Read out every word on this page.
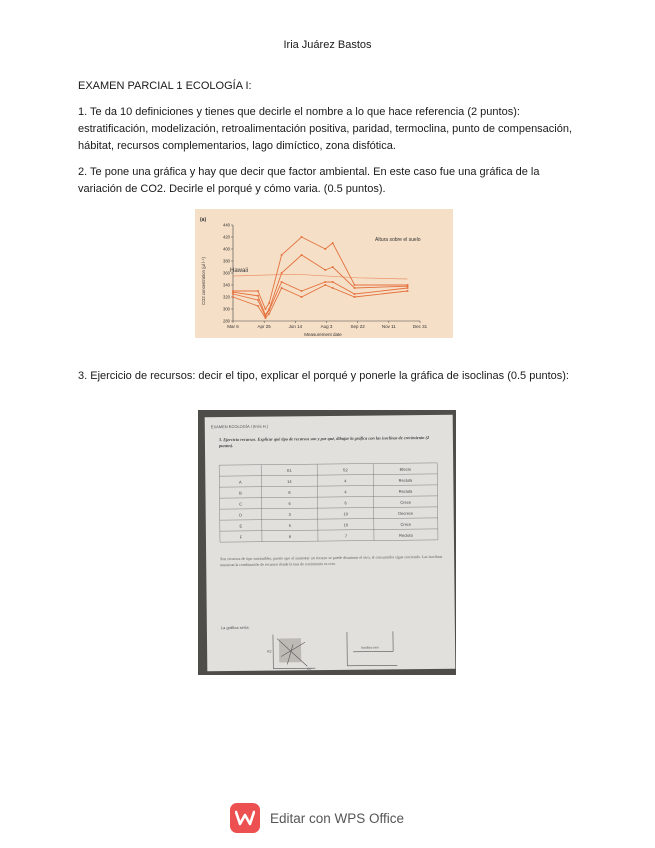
Iria Juárez Bastos
EXAMEN PARCIAL 1 ECOLOGÍA I:
1. Te da 10 definiciones y tienes que decirle el nombre a lo que hace referencia (2 puntos): estratificación, modelización, retroalimentación positiva, paridad, termoclina, punto de compensación, hábitat, recursos complementarios, lago dimíctico, zona disfótica.
2. Te pone una gráfica y hay que decir que factor ambiental. En este caso fue una gráfica de la variación de CO2. Decirle el porqué y cómo varia. (0.5 puntos).
(a)
280
300
320
340
360
380
400
420
440
Mar 6	Apr 25	Jun 14	Aug 3	Sep 22	Nov 11	Dec 31
Measurement date
CO2 concentration (µl l⁻¹)	Hawaii
Altura sobre el suelo
3. Ejercicio de recursos: decir el tipo, explicar el porqué y ponerle la gráfica de isoclinas (0.5 puntos):
EXAMEN ECOLOGÍA I (Inés H.)
3. Ejercicio recursos. Explicar qué tipo de recursos son y por qué, dibujar la gráfica con las isoclinas de crecimiento (2 puntos).
S1	S2	Efecto
A	14	4	Recluta
B	8	4	Recluta
C	6	6	Crece
D	3	10	Decrece
E	5	10	Crece
F	6	7	Recluta
Son recursos de tipo sustituibles, puesto que al aumentar un recurso se puede disminuir el otro, el consumidor sigue creciendo. Las isoclinas muestran la combinación de recursos donde la tasa de crecimiento es cero.
La gráfica sería:
R2
R1
Isoclina cero
Editar con WPS Office
